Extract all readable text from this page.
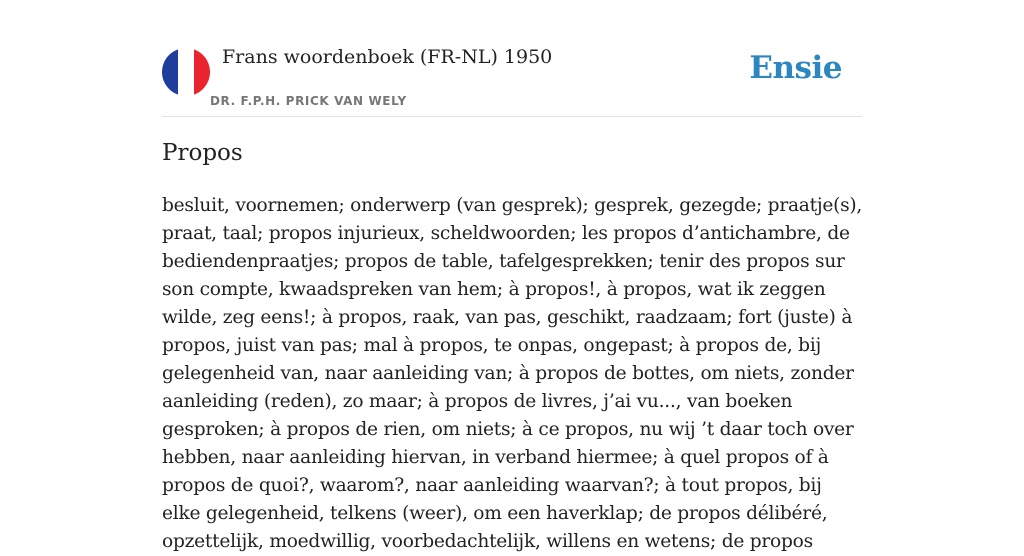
Frans woordenboek (FR-NL) 1950
DR. F.P.H. PRICK VAN WELY
Ensie
Propos

besluit, voornemen; onderwerp (van gesprek); gesprek, gezegde; praatje(s), praat, taal; propos injurieux, scheldwoorden; les propos d’antichambre, de bediendenpraatjes; propos de table, tafelgesprekken; tenir des propos sur son compte, kwaadspreken van hem; à propos!, à propos, wat ik zeggen wilde, zeg eens!; à propos, raak, van pas, geschikt, raadzaam; fort (juste) à propos, juist van pas; mal à propos, te onpas, ongepast; à propos de, bij gelegenheid van, naar aanleiding van; à propos de bottes, om niets, zonder aanleiding (reden), zo maar; à propos de livres, j’ai vu..., van boeken gesproken; à propos de rien, om niets; à ce propos, nu wij ’t daar toch over hebben, naar aanleiding hiervan, in verband hiermee; à quel propos of à propos de quoi?, waarom?, naar aanleiding waarvan?; à tout propos, bij elke gelegenheid, telkens (weer), om een haverklap; de propos délibéré, opzettelijk, moedwillig, voorbedachtelijk, willens en wetens; de propos
